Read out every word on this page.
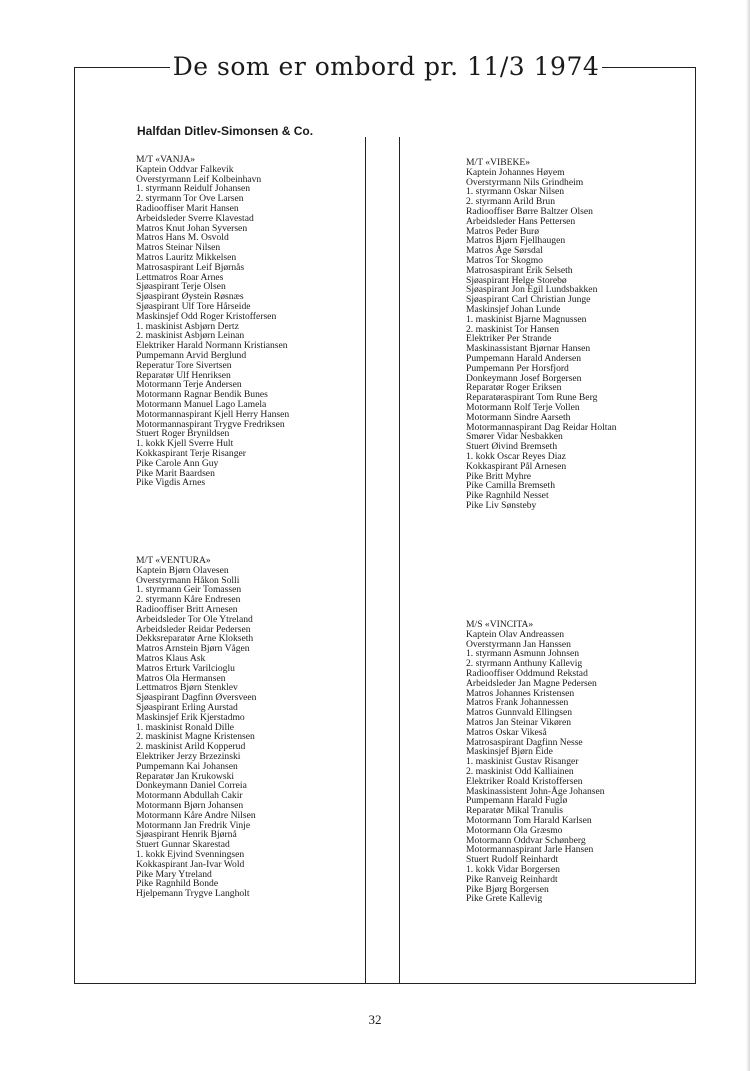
De som er ombord pr. 11/3 1974
Halfdan Ditlev-Simonsen & Co.
M/T «VANJA»
Kaptein Oddvar Falkevik
Overstyrmann Leif Kolbeinhavn
1. styrmann Reidulf Johansen
2. styrmann Tor Ove Larsen
Radiooffiser Marit Hansen
Arbeidsleder Sverre Klavestad
Matros Knut Johan Syversen
Matros Hans M. Osvold
Matros Steinar Nilsen
Matros Lauritz Mikkelsen
Matrosaspirant Leif Bjørnås
Lettmatros Roar Arnes
Sjøaspirant Terje Olsen
Sjøaspirant Øystein Røsnæs
Sjøaspirant Ulf Tore Hårseide
Maskinsjef Odd Roger Kristoffersen
1. maskinist Asbjørn Dertz
2. maskinist Asbjørn Leinan
Elektriker Harald Normann Kristiansen
Pumpemann Arvid Berglund
Reperatur Tore Sivertsen
Reparatør Ulf Henriksen
Motormann Terje Andersen
Motormann Ragnar Bendik Bunes
Motormann Manuel Lago Lamela
Motormannaspirant Kjell Herry Hansen
Motormannaspirant Trygve Fredriksen
Stuert Roger Brynildsen
1. kokk Kjell Sverre Hult
Kokkaspirant Terje Risanger
Pike Carole Ann Guy
Pike Marit Baardsen
Pike Vigdis Arnes
M/T «VENTURA»
Kaptein Bjørn Olavesen
Overstyrmann Håkon Solli
1. styrmann Geir Tomassen
2. styrmann Kåre Endresen
Radiooffiser Britt Arnesen
Arbeidsleder Tor Ole Ytreland
Arbeidsleder Reidar Pedersen
Dekksreparatør Arne Klokseth
Matros Arnstein Bjørn Vågen
Matros Klaus Ask
Matros Erturk Varilcioglu
Matros Ola Hermansen
Lettmatros Bjørn Stenklev
Sjøaspirant Dagfinn Øversveen
Sjøaspirant Erling Aurstad
Maskinsjef Erik Kjerstadmo
1. maskinist Ronald Dille
2. maskinist Magne Kristensen
2. maskinist Arild Kopperud
Elektriker Jerzy Brzezinski
Pumpemann Kai Johansen
Reparatør Jan Krukowski
Donkeymann Daniel Correia
Motormann Abdullah Cakir
Motormann Bjørn Johansen
Motormann Kåre Andre Nilsen
Motormann Jan Fredrik Vinje
Sjøaspirant Henrik Bjørnå
Stuert Gunnar Skarestad
1. kokk Ejvind Svenningsen
Kokkaspirant Jan-Ivar Wold
Pike Mary Ytreland
Pike Ragnhild Bonde
Hjelpemann Trygve Langholt
M/T «VIBEKE»
Kaptein Johannes Høyem
Overstyrmann Nils Grindheim
1. styrmann Oskar Nilsen
2. styrmann Arild Brun
Radiooffiser Børre Baltzer Olsen
Arbeidsleder Hans Pettersen
Matros Peder Burø
Matros Bjørn Fjellhaugen
Matros Åge Sørsdal
Matros Tor Skogmo
Matrosaspirant Erik Selseth
Sjøaspirant Helge Storebø
Sjøaspirant Jon Egil Lundsbakken
Sjøaspirant Carl Christian Junge
Maskinsjef Johan Lunde
1. maskinist Bjarne Magnussen
2. maskinist Tor Hansen
Elektriker Per Strande
Maskinassistant Bjørnar Hansen
Pumpemann Harald Andersen
Pumpemann Per Horsfjord
Donkeymann Josef Borgersen
Reparatør Roger Eriksen
Reparatøraspirant Tom Rune Berg
Motormann Rolf Terje Vollen
Motormann Sindre Aarseth
Motormannaspirant Dag Reidar Holtan
Smører Vidar Nesbakken
Stuert Øivind Bremseth
1. kokk Oscar Reyes Diaz
Kokkaspirant Pål Arnesen
Pike Britt Myhre
Pike Camilla Bremseth
Pike Ragnhild Nesset
Pike Liv Sønsteby
M/S «VINCITA»
Kaptein Olav Andreassen
Overstyrmann Jan Hanssen
1. styrmann Asmunn Johnsen
2. styrmann Anthuny Kallevig
Radiooffiser Oddmund Rekstad
Arbeidsleder Jan Magne Pedersen
Matros Johannes Kristensen
Matros Frank Johannessen
Matros Gunnvald Ellingsen
Matros Jan Steinar Vikøren
Matros Oskar Vikeså
Matrosaspirant Dagfinn Nesse
Maskinsjef Bjørn Eide
1. maskinist Gustav Risanger
2. maskinist Odd Kalliainen
Elektriker Roald Kristoffersen
Maskinassistent John-Åge Johansen
Pumpemann Harald Fuglø
Reparatør Mikal Tranulis
Motormann Tom Harald Karlsen
Motormann Ola Græsmo
Motormann Oddvar Schønberg
Motormannaspirant Jarle Hansen
Stuert Rudolf Reinhardt
1. kokk Vidar Borgersen
Pike Ranveig Reinhardt
Pike Bjørg Borgersen
Pike Grete Kallevig
32
